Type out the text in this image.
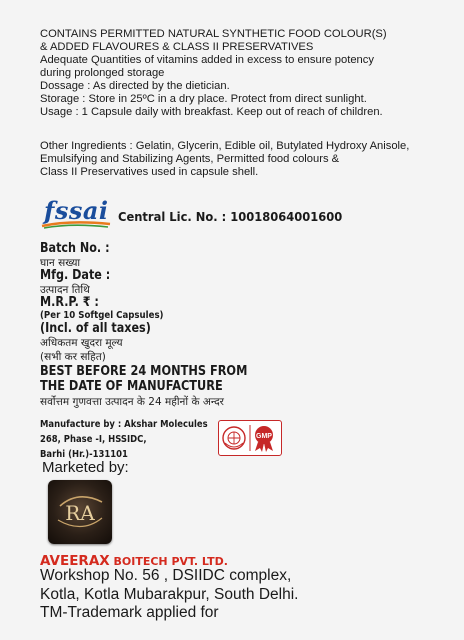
CONTAINS PERMITTED NATURAL SYNTHETIC FOOD COLOUR(S)
& ADDED FLAVOURES & CLASS II PRESERVATIVES
Adequate Quantities of vitamins added in excess to ensure potency
during prolonged storage
Dossage : As directed by the dietician.
Storage : Store in 25ºC in a dry place. Protect from direct sunlight.
Usage : 1 Capsule daily with breakfast. Keep out of reach of children.
Other Ingredients : Gelatin, Glycerin, Edible oil, Butylated Hydroxy Anisole,
Emulsifying and Stabilizing Agents, Permitted food colours &
Class II Preservatives used in capsule shell.
fssai Central Lic. No. : 10018064001600
Batch No. :
घान सख्या
Mfg. Date :
उत्पादन तिथि
M.R.P. ₹ :
(Per 10 Softgel Capsules)
(Incl. of all taxes)
अधिकतम खुदरा मूल्य
(सभी कर सहित)
BEST BEFORE 24 MONTHS FROM
THE DATE OF MANUFACTURE
सर्वोत्तम गुणवत्ता उत्पादन के 24 महीनों के अन्दर
Manufacture by : Akshar Molecules
268, Phase -I, HSSIDC,
Barhi (Hr.)-131101
GMP
Marketed by:
RA
AVEERAX BOITECH PVT. LTD.
Workshop No. 56 , DSIIDC complex,
Kotla, Kotla Mubarakpur, South Delhi.
TM-Trademark applied for
